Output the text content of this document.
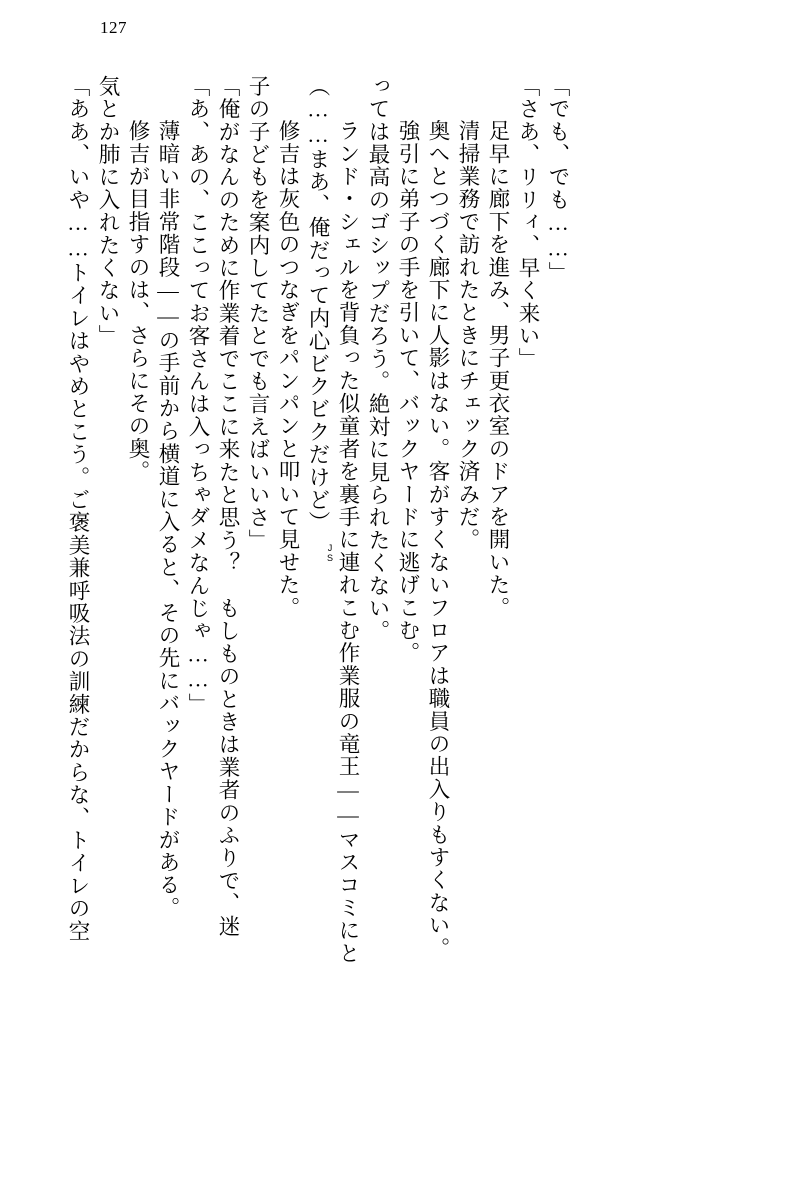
127
「ああ、いや……トイレはやめとこう。ご褒美兼呼吸法の訓練だからな、トイレの空 気とか肺に入れたくない」 　修吉が目指すのは、さらにその奥。 　薄暗い非常階段——の手前から横道に入ると、その先にバックヤードがある。 「あ、あの、ここってお客さんは入っちゃダメなんじゃ……」 「俺がなんのために作業着でここに来たと思う？　もしものときは業者のふりで、迷 子の子どもを案内してたとでも言えばいいさ」 　修吉は灰色のつなぎをパンパンと叩いて見せた。 （……まあ、俺だって内心ビクビクだけど） 　ランド・シェルを背負った似童者を裏手に連れこむ作業服の竜王——マスコミにと
JS	っては最高のゴシップだろう。絶対に見られたくない。 　強引に弟子の手を引いて、バックヤードに逃げこむ。 　奥へとつづく廊下に人影はない。客がすくないフロアは職員の出入りもすくない。 　清掃業務で訪れたときにチェック済みだ。 　足早に廊下を進み、男子更衣室のドアを開いた。 「さあ、リリィ、早く来い」 「でも、でも……」
